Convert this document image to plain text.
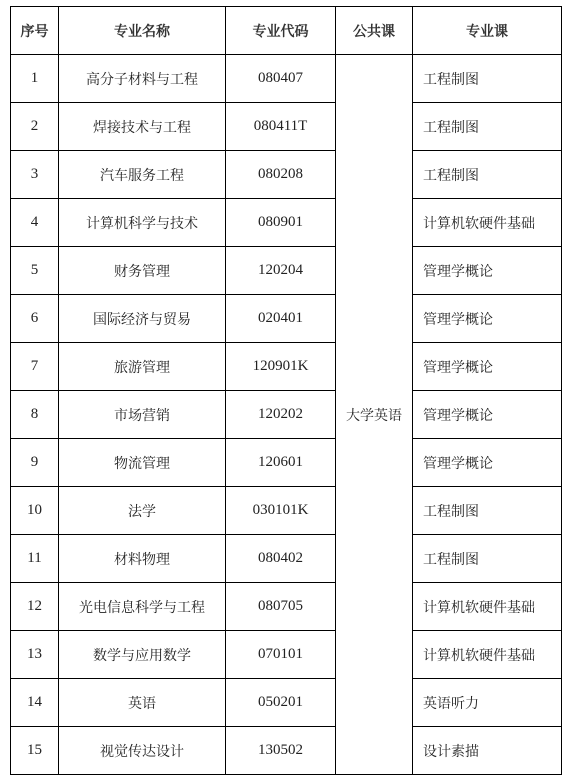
序号	专业名称	专业代码	公共课	专业课
1	高分子材料与工程	080407	大学英语	工程制图
2	焊接技术与工程	080411T		工程制图
3	汽车服务工程	080208		工程制图
4	计算机科学与技术	080901		计算机软硬件基础
5	财务管理	120204		管理学概论
6	国际经济与贸易	020401		管理学概论
7	旅游管理	120901K		管理学概论
8	市场营销	120202		管理学概论
9	物流管理	120601		管理学概论
10	法学	030101K		工程制图
11	材料物理	080402		工程制图
12	光电信息科学与工程	080705		计算机软硬件基础
13	数学与应用数学	070101		计算机软硬件基础
14	英语	050201		英语听力
15	视觉传达设计	130502		设计素描
